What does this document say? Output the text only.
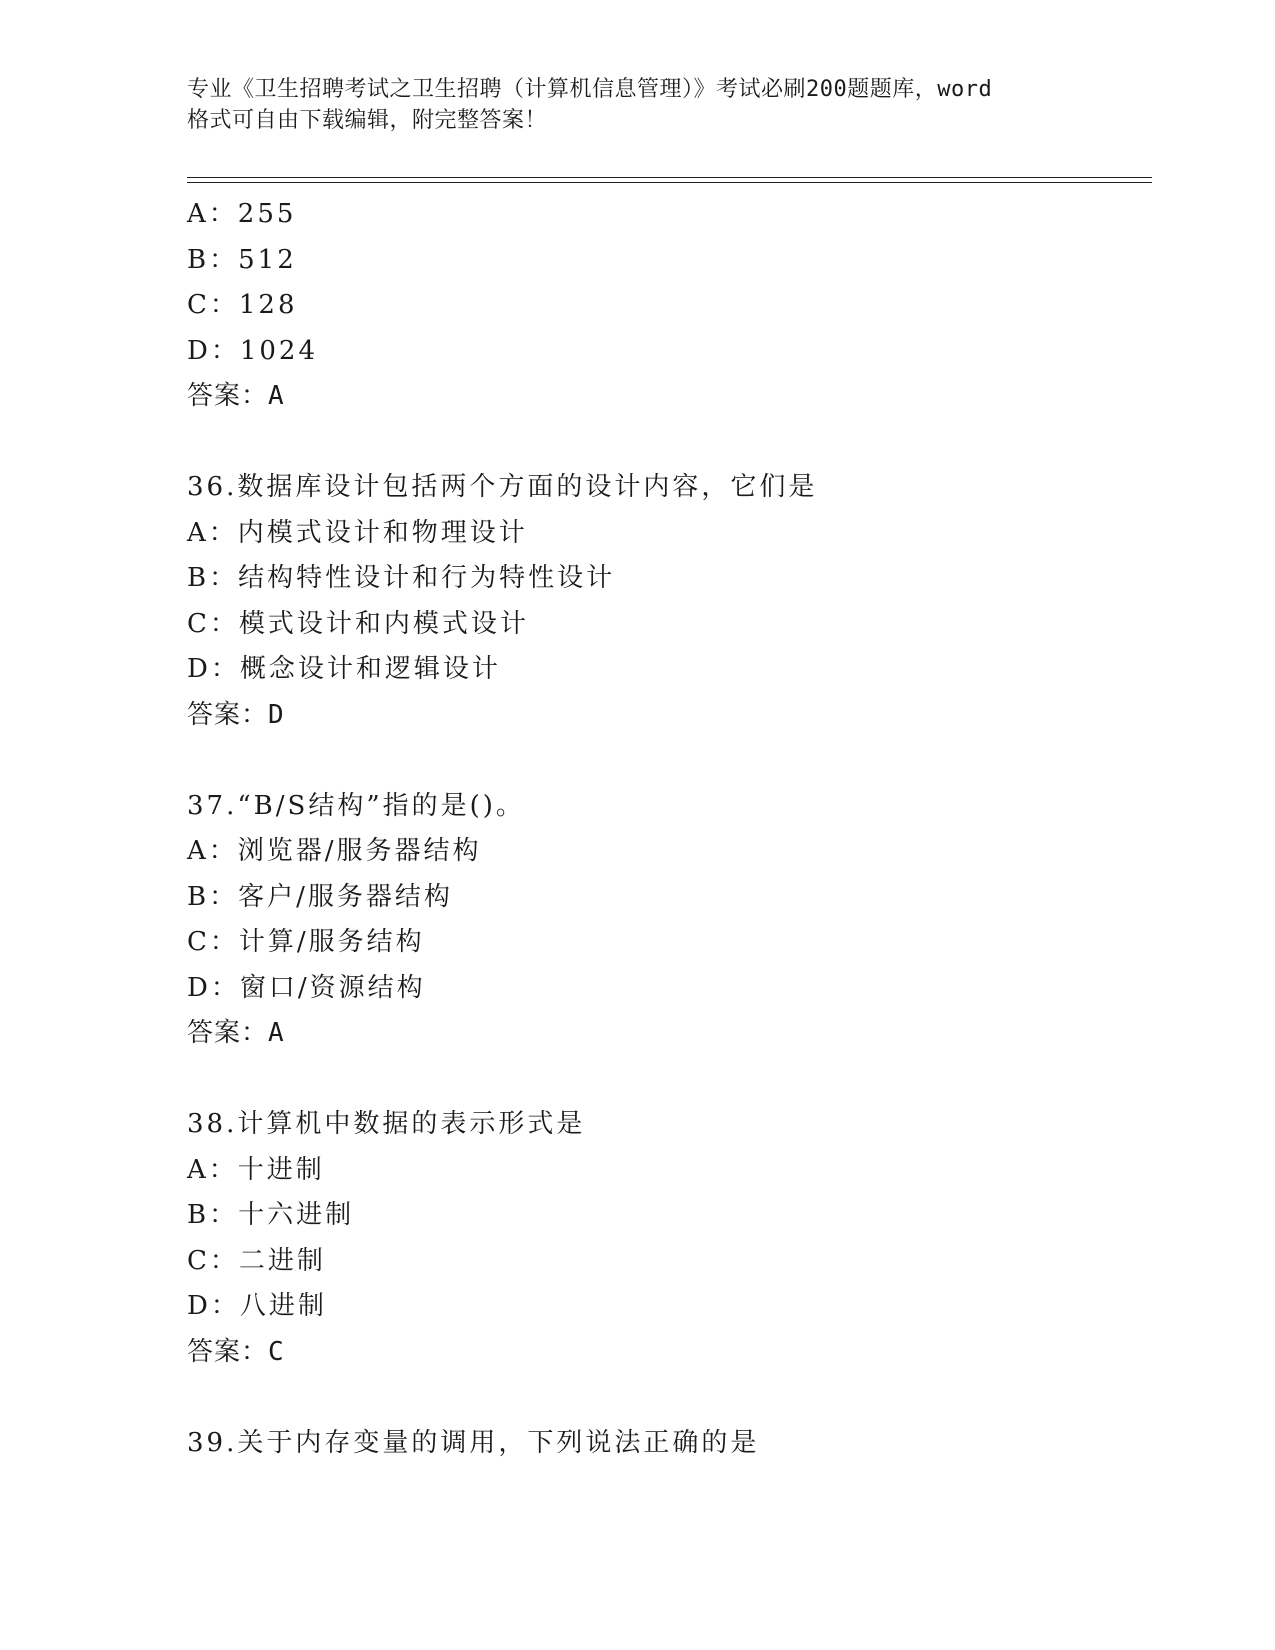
专业《卫生招聘考试之卫生招聘（计算机信息管理）》考试必刷200题题库，word
格式可自由下载编辑，附完整答案！
A：255
B：512
C：128
D：1024
答案：A
36.数据库设计包括两个方面的设计内容，它们是
A：内模式设计和物理设计
B：结构特性设计和行为特性设计
C：模式设计和内模式设计
D：概念设计和逻辑设计
答案：D
37.“B/S结构”指的是()。
A：浏览器/服务器结构
B：客户/服务器结构
C：计算/服务结构
D：窗口/资源结构
答案：A
38.计算机中数据的表示形式是
A：十进制
B：十六进制
C：二进制
D：八进制
答案：C
39.关于内存变量的调用，下列说法正确的是
